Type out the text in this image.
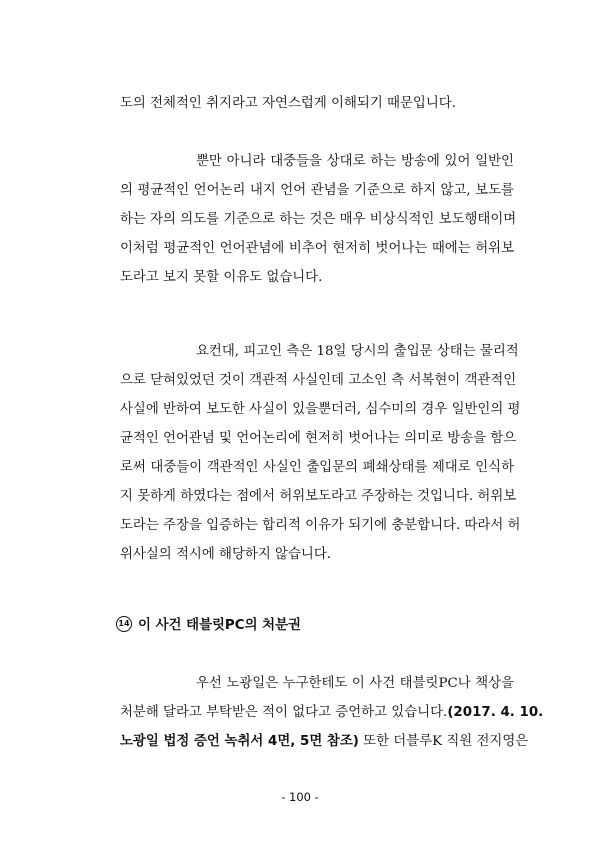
도의 전체적인 취지라고 자연스럽게 이해되기 때문입니다.
뿐만 아니라 대중들을 상대로 하는 방송에 있어 일반인
의 평균적인 언어논리 내지 언어 관념을 기준으로 하지 않고, 보도를
하는 자의 의도를 기준으로 하는 것은 매우 비상식적인 보도행태이며
이처럼 평균적인 언어관념에 비추어 현저히 벗어나는 때에는 허위보
도라고 보지 못할 이유도 없습니다.
요컨대, 피고인 측은 18일 당시의 출입문 상태는 물리적
으로 닫혀있었던 것이 객관적 사실인데 고소인 측 서복현이 객관적인
사실에 반하여 보도한 사실이 있을뿐더러, 심수미의 경우 일반인의 평
균적인 언어관념 및 언어논리에 현저히 벗어나는 의미로 방송을 함으
로써 대중들이 객관적인 사실인 출입문의 폐쇄상태를 제대로 인식하
지 못하게 하였다는 점에서 허위보도라고 주장하는 것입니다. 허위보
도라는 주장을 입증하는 합리적 이유가 되기에 충분합니다. 따라서 허
위사실의 적시에 해당하지 않습니다.
14 이 사건 태블릿PC의 처분권
우선 노광일은 누구한테도 이 사건 태블릿PC나 책상을
처분해 달라고 부탁받은 적이 없다고 증언하고 있습니다.(2017. 4. 10.
노광일 법정 증언 녹취서 4면, 5면 참조) 또한 더블루K 직원 전지영은
- 100 -
